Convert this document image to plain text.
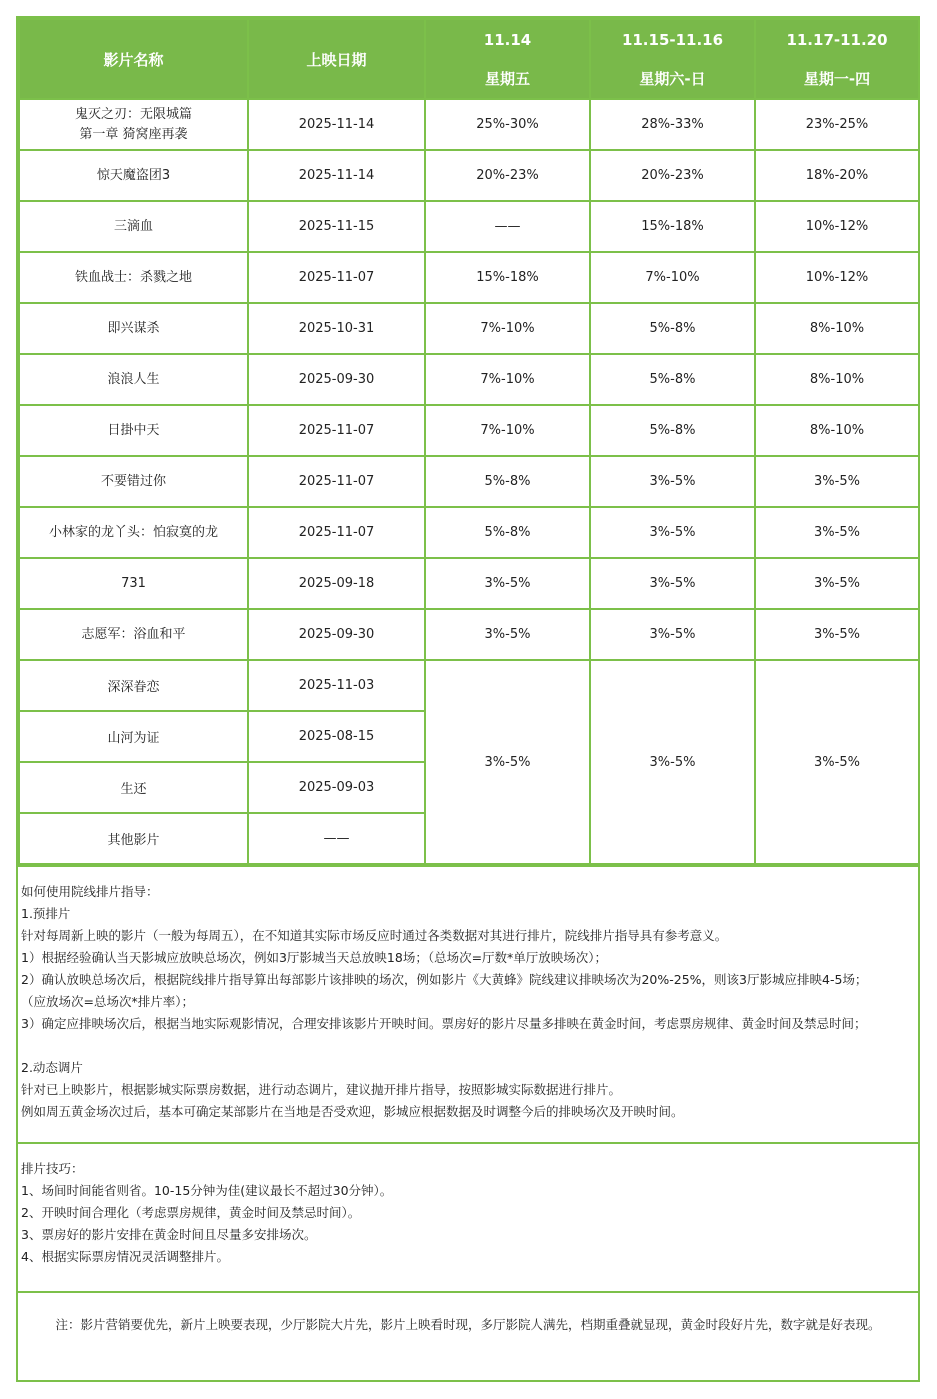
影片名称	上映日期	11.14	11.15-11.16	11.17-11.20
		星期五	星期六-日	星期一-四

鬼灭之刃：无限城篇
第一章 猗窝座再袭	2025-11-14	25%-30%	28%-33%	23%-25%

惊天魔盗团3	2025-11-14	20%-23%	20%-23%	18%-20%

三滴血	2025-11-15	——	15%-18%	10%-12%

铁血战士：杀戮之地	2025-11-07	15%-18%	7%-10%	10%-12%

即兴谋杀	2025-10-31	7%-10%	5%-8%	8%-10%

浪浪人生	2025-09-30	7%-10%	5%-8%	8%-10%

日掛中天	2025-11-07	7%-10%	5%-8%	8%-10%

不要错过你	2025-11-07	5%-8%	3%-5%	3%-5%

小林家的龙丫头：怕寂寞的龙	2025-11-07	5%-8%	3%-5%	3%-5%

731	2025-09-18	3%-5%	3%-5%	3%-5%

志愿军：浴血和平	2025-09-30	3%-5%	3%-5%	3%-5%
深深眷恋	2025-11-03	3%-5%	3%-5%	3%-5%
山河为证	2025-08-15			
生还	2025-09-03			
其他影片	——			

如何使用院线排片指导：

1.预排片

针对每周新上映的影片（一般为每周五），在不知道其实际市场反应时通过各类数据对其进行排片，院线排片指导具有参考意义。

1）根据经验确认当天影城应放映总场次，例如3厅影城当天总放映18场；（总场次=厅数*单厅放映场次）；

2）确认放映总场次后，根据院线排片指导算出每部影片该排映的场次，例如影片《大黄蜂》院线建议排映场次为20%-25%，则该3厅影城应排映4-5场；

（应放场次=总场次*排片率）；

3）确定应排映场次后，根据当地实际观影情况，合理安排该影片开映时间。票房好的影片尽量多排映在黄金时间，考虑票房规律、黄金时间及禁忌时间；

2.动态调片

针对已上映影片，根据影城实际票房数据，进行动态调片，建议抛开排片指导，按照影城实际数据进行排片。

例如周五黄金场次过后，基本可确定某部影片在当地是否受欢迎，影城应根据数据及时调整今后的排映场次及开映时间。

排片技巧：

1、场间时间能省则省。10-15分钟为佳(建议最长不超过30分钟）。

2、开映时间合理化（考虑票房规律，黄金时间及禁忌时间）。

3、票房好的影片安排在黄金时间且尽量多安排场次。

4、根据实际票房情况灵活调整排片。

注：影片营销要优先，新片上映要表现，少厅影院大片先，影片上映看时现，多厅影院人满先，档期重叠就显现，黄金时段好片先，数字就是好表现。
